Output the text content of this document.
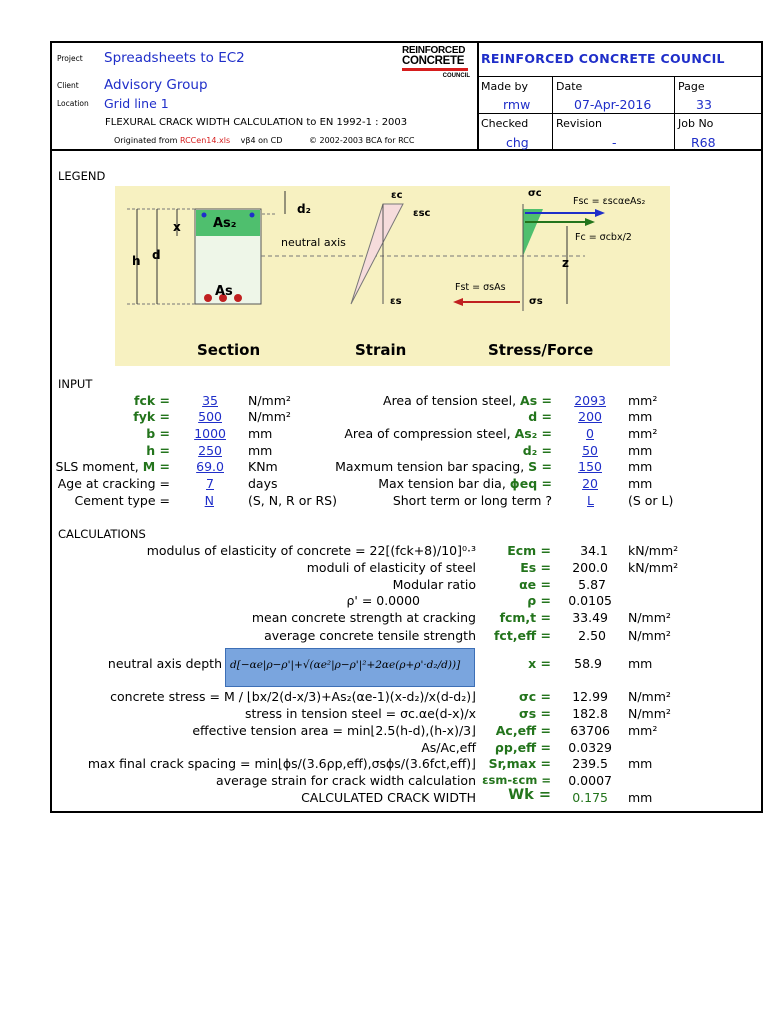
Project Spreadsheets to EC2
Client Advisory Group
Location Grid line 1
FLEXURAL CRACK WIDTH CALCULATION to EN 1992-1 : 2003
Originated from RCCen14.xls vβ4 on CD	© 2002-2003 BCA for RCC
REINFORCED
CONCRETE
COUNCIL
REINFORCED CONCRETE COUNCIL
Made by
rmw
Date
07-Apr-2016
Page
33
Checked
chg
Revision
-
Job No
R68
LEGEND
As₂
As
x
d
h
d₂
neutral axis
εc
εsc
εs
σc
σs
Fsc = εscαeAs₂
Fc = σcbx/2
Fst = σsAs
z
Section	Strain	Stress/Force
INPUT
fck =	35 N/mm²
fyk =	500 N/mm²
b =	1000 mm
h =	250 mm
SLS moment, M =	69.0 KNm
Age at cracking =	7	days
Cement type =	N	(S, N, R or RS)
Area of tension steel, As =	2093 mm²
d =	200 mm
Area of compression steel, As₂ =	0	mm²
d₂ =	50 mm
Maxmum tension bar spacing, S =	150 mm
Max tension bar dia, ϕeq =	20 mm
Short term or long term ?	L	(S or L)
CALCULATIONS
modulus of elasticity of concrete = 22[(fck+8)/10]⁰·³	Ecm =	34.1 kN/mm²
moduli of elasticity of steel	Es =	200.0 kN/mm²
Modular ratio	αe =	5.87
ρ' = 0.0000	ρ =	0.0105
mean concrete strength at cracking	fcm,t =	33.49 N/mm²
average concrete tensile strength	fct,eff =	2.50 N/mm²
neutral axis depth d[−αe|ρ−ρ'|+√(αe²|ρ−ρ'|²+2αe(ρ+ρ'·d₂/d))]	x =	58.9 mm
concrete stress = M / ⌊bx/2(d-x/3)+As₂(αe-1)(x-d₂)/x(d-d₂)⌋	σc =	12.99 N/mm²
stress in tension steel = σc.αe(d-x)/x	σs =	182.8 N/mm²
effective tension area = min⌊2.5(h-d),(h-x)/3⌋	Ac,eff =	63706 mm²
As/Ac,eff	ρp,eff =	0.0329
max final crack spacing = min⌊ϕs/(3.6ρp,eff),σsϕs/(3.6fct,eff)⌋	Sr,max =	239.5 mm
average strain for crack width calculation εsm-εcm =	0.0007
CALCULATED CRACK WIDTH	Wk =	0.175 mm
